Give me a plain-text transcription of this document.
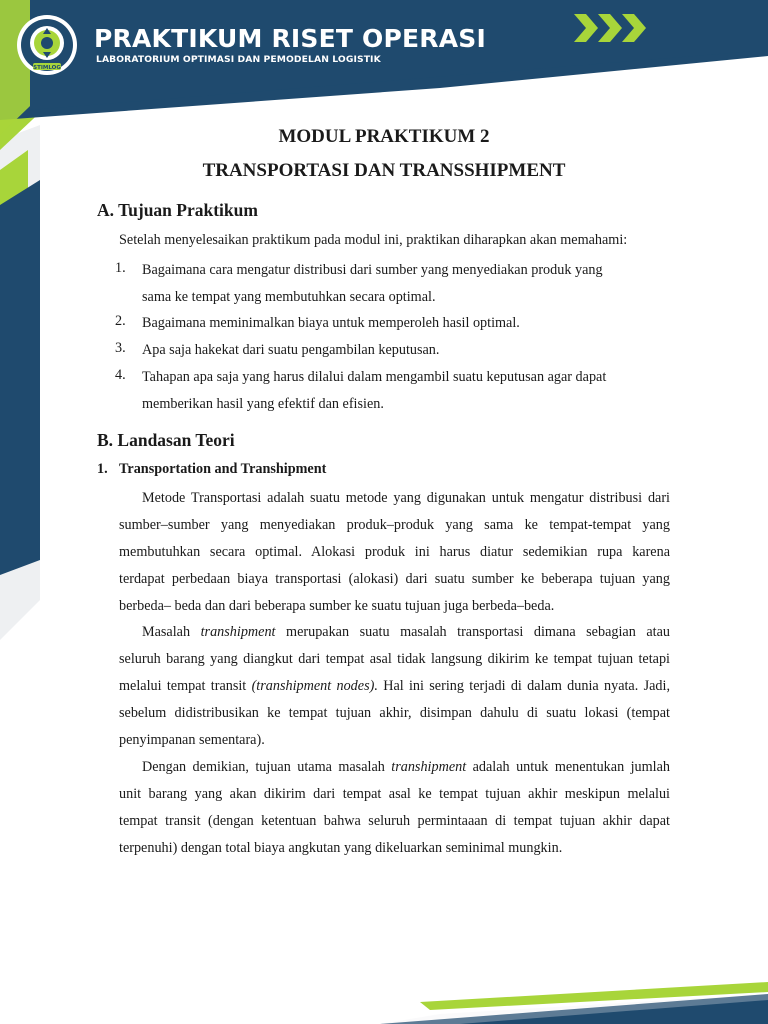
STIMLOG
PRAKTIKUM RISET OPERASI
LABORATORIUM OPTIMASI DAN PEMODELAN LOGISTIK
MODUL PRAKTIKUM 2
TRANSPORTASI DAN TRANSSHIPMENT
A. Tujuan Praktikum
Setelah menyelesaikan praktikum pada modul ini, praktikan diharapkan akan memahami:
1. Bagaimana cara mengatur distribusi dari sumber yang menyediakan produk yang
sama ke tempat yang membutuhkan secara optimal.
2. Bagaimana meminimalkan biaya untuk memperoleh hasil optimal.
3. Apa saja hakekat dari suatu pengambilan keputusan.
4. Tahapan apa saja yang harus dilalui dalam mengambil suatu keputusan agar dapat
memberikan hasil yang efektif dan efisien.
B. Landasan Teori
1. Transportation and Transhipment
Metode Transportasi adalah suatu metode yang digunakan untuk mengatur distribusi dari
sumber–sumber yang menyediakan produk–produk yang sama ke tempat-tempat yang
membutuhkan secara optimal. Alokasi produk ini harus diatur sedemikian rupa karena
terdapat perbedaan biaya transportasi (alokasi) dari suatu sumber ke beberapa tujuan yang
berbeda– beda dan dari beberapa sumber ke suatu tujuan juga berbeda–beda.
Masalah transhipment merupakan suatu masalah transportasi dimana sebagian atau
seluruh barang yang diangkut dari tempat asal tidak langsung dikirim ke tempat tujuan tetapi
melalui tempat transit (transhipment nodes). Hal ini sering terjadi di dalam dunia nyata. Jadi,
sebelum didistribusikan ke tempat tujuan akhir, disimpan dahulu di suatu lokasi (tempat
penyimpanan sementara).
Dengan demikian, tujuan utama masalah transhipment adalah untuk menentukan jumlah
unit barang yang akan dikirim dari tempat asal ke tempat tujuan akhir meskipun melalui
tempat transit (dengan ketentuan bahwa seluruh permintaaan di tempat tujuan akhir dapat
terpenuhi) dengan total biaya angkutan yang dikeluarkan seminimal mungkin.
